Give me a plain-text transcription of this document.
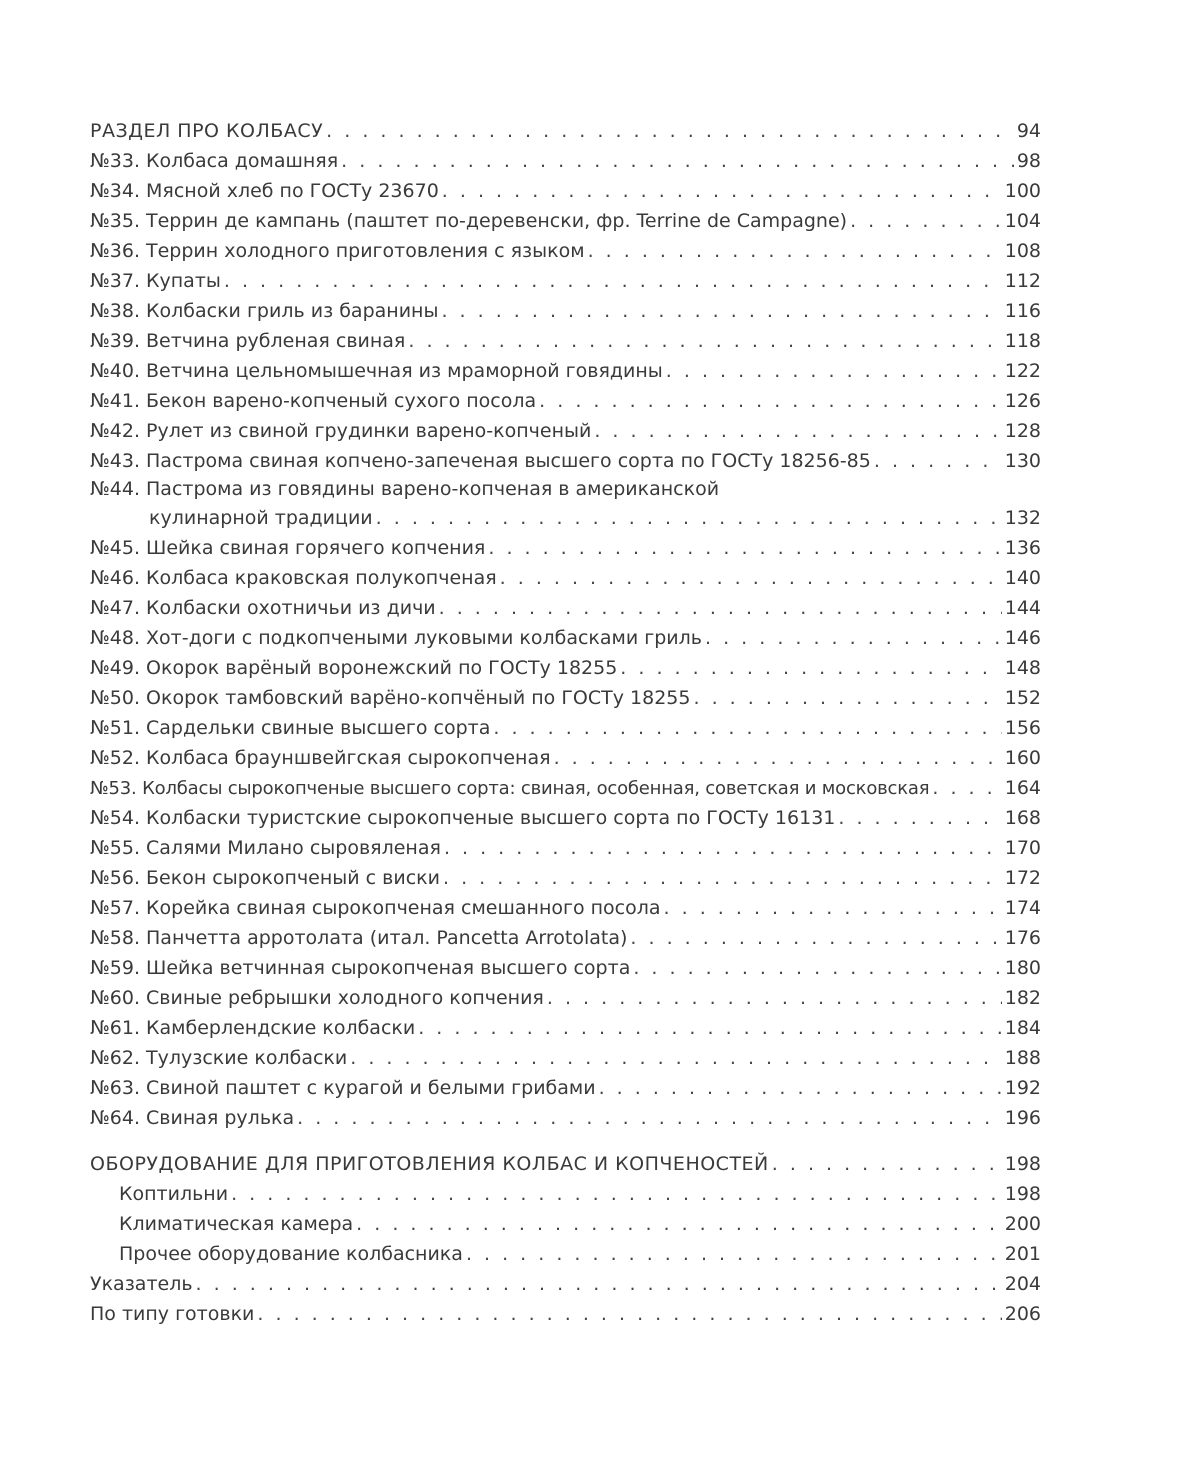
РАЗДЕЛ ПРО КОЛБАСУ . . .	94
№33. Колбаса домашняя . . .	98
№34. Мясной хлеб по ГОСТу 23670 . . .	100
№35. Террин де кампань (паштет по-деревенски, фр. Terrine de Campagne) . . .	104
№36. Террин холодного приготовления с языком . . .	108
№37. Купаты . . .	112
№38. Колбаски гриль из баранины . . .	116
№39. Ветчина рубленая свиная . . .	118
№40. Ветчина цельномышечная из мраморной говядины . . .	122
№41. Бекон варено-копченый сухого посола . . .	126
№42. Рулет из свиной грудинки варено-копченый . . .	128
№43. Пастрома свиная копчено-запеченая высшего сорта по ГОСТу 18256-85 . . .	130
№44. Пастрома из говядины варено-копченая в американской
кулинарной традиции . . .	132
№45. Шейка свиная горячего копчения . . .	136
№46. Колбаса краковская полукопченая . . .	140
№47. Колбаски охотничьи из дичи . . .	144
№48. Хот-доги с подкопчеными луковыми колбасками гриль . . .	146
№49. Окорок варёный воронежский по ГОСТу 18255 . . .	148
№50. Окорок тамбовский варёно-копчёный по ГОСТу 18255 . . .	152
№51. Сардельки свиные высшего сорта . . .	156
№52. Колбаса брауншвейгская сырокопченая . . .	160
№53. Колбасы сырокопченые высшего сорта: свиная, особенная, советская и московская . . .	164
№54. Колбаски туристские сырокопченые высшего сорта по ГОСТу 16131 . . .	168
№55. Салями Милано сыровяленая . . .	170
№56. Бекон сырокопченый с виски . . .	172
№57. Корейка свиная сырокопченая смешанного посола . . .	174
№58. Панчетта арротолата (итал. Pancetta Arrotolata) . . .	176
№59. Шейка ветчинная сырокопченая высшего сорта . . .	180
№60. Свиные ребрышки холодного копчения . . .	182
№61. Камберлендские колбаски . . .	184
№62. Тулузские колбаски . . .	188
№63. Свиной паштет с курагой и белыми грибами . . .	192
№64. Свиная рулька . . .	196
ОБОРУДОВАНИЕ ДЛЯ ПРИГОТОВЛЕНИЯ КОЛБАС И КОПЧЕНОСТЕЙ . . .	198
Коптильни . . .	198
Климатическая камера . . .	200
Прочее оборудование колбасника . . .	201
Указатель . . .	204
По типу готовки . . .	206
